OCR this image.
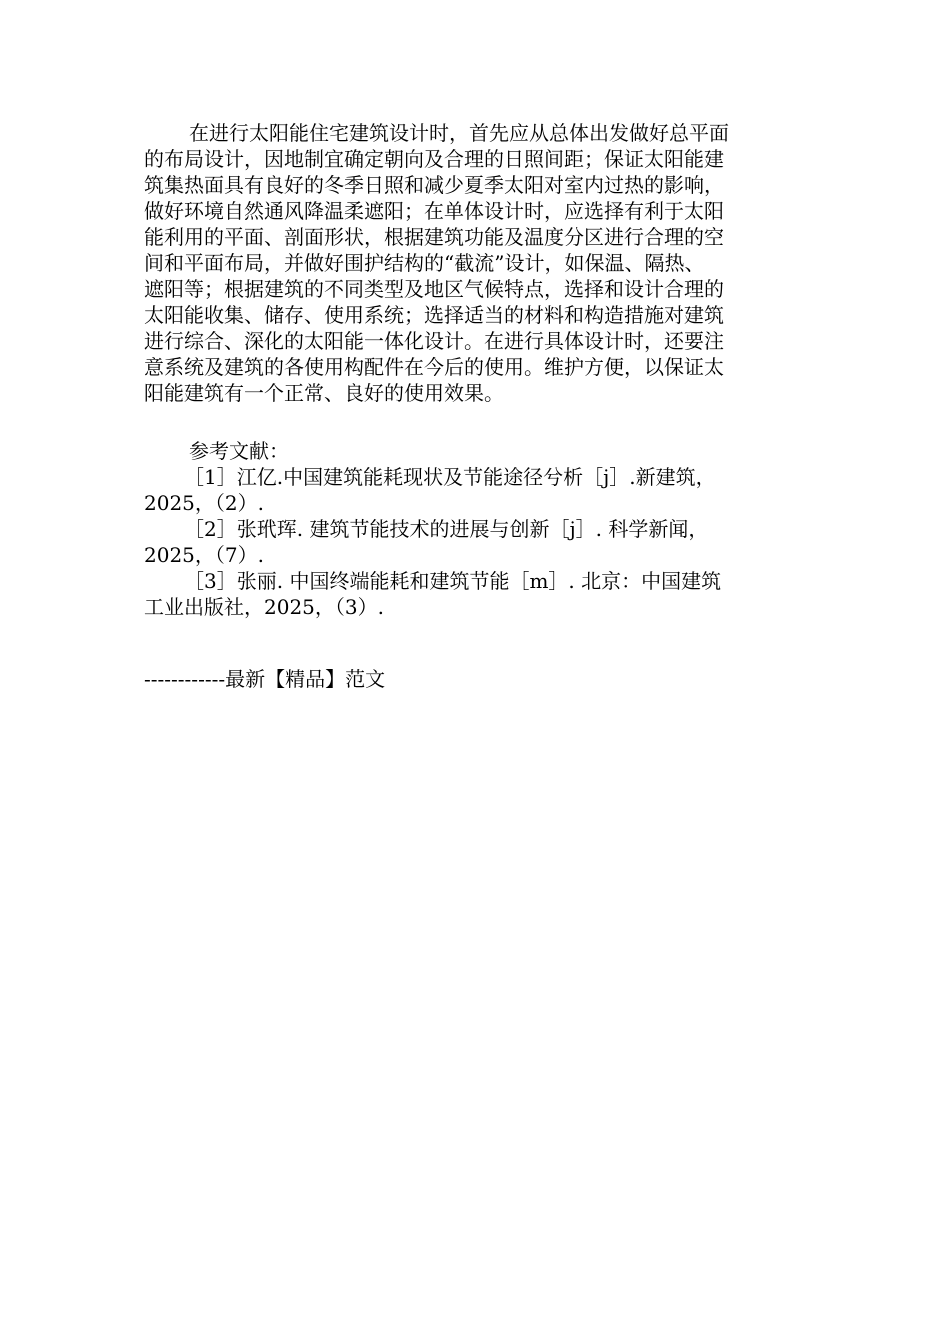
在进行太阳能住宅建筑设计时，首先应从总体出发做好总平面
的布局设计，因地制宜确定朝向及合理的日照间距；保证太阳能建
筑集热面具有良好的冬季日照和减少夏季太阳对室内过热的影响，
做好环境自然通风降温柔遮阳；在单体设计时，应选择有利于太阳
能利用的平面、剖面形状，根据建筑功能及温度分区进行合理的空
间和平面布局，并做好围护结构的“截流”设计，如保温、隔热、
遮阳等；根据建筑的不同类型及地区气候特点，选择和设计合理的
太阳能收集、储存、使用系统；选择适当的材料和构造措施对建筑
进行综合、深化的太阳能一体化设计。在进行具体设计时，还要注
意系统及建筑的各使用构配件在今后的使用。维护方便，以保证太
阳能建筑有一个正常、良好的使用效果。
参考文献：
［1］江亿.中国建筑能耗现状及节能途径兮析［j］.新建筑，
2025，（2）.
［2］张玳珲. 建筑节能技术的进展与创新［j］. 科学新闻，
2025，（7）.
［3］张丽. 中国终端能耗和建筑节能［m］. 北京：中国建筑
工业出版社，2025，（3）.
------------最新【精品】范文
